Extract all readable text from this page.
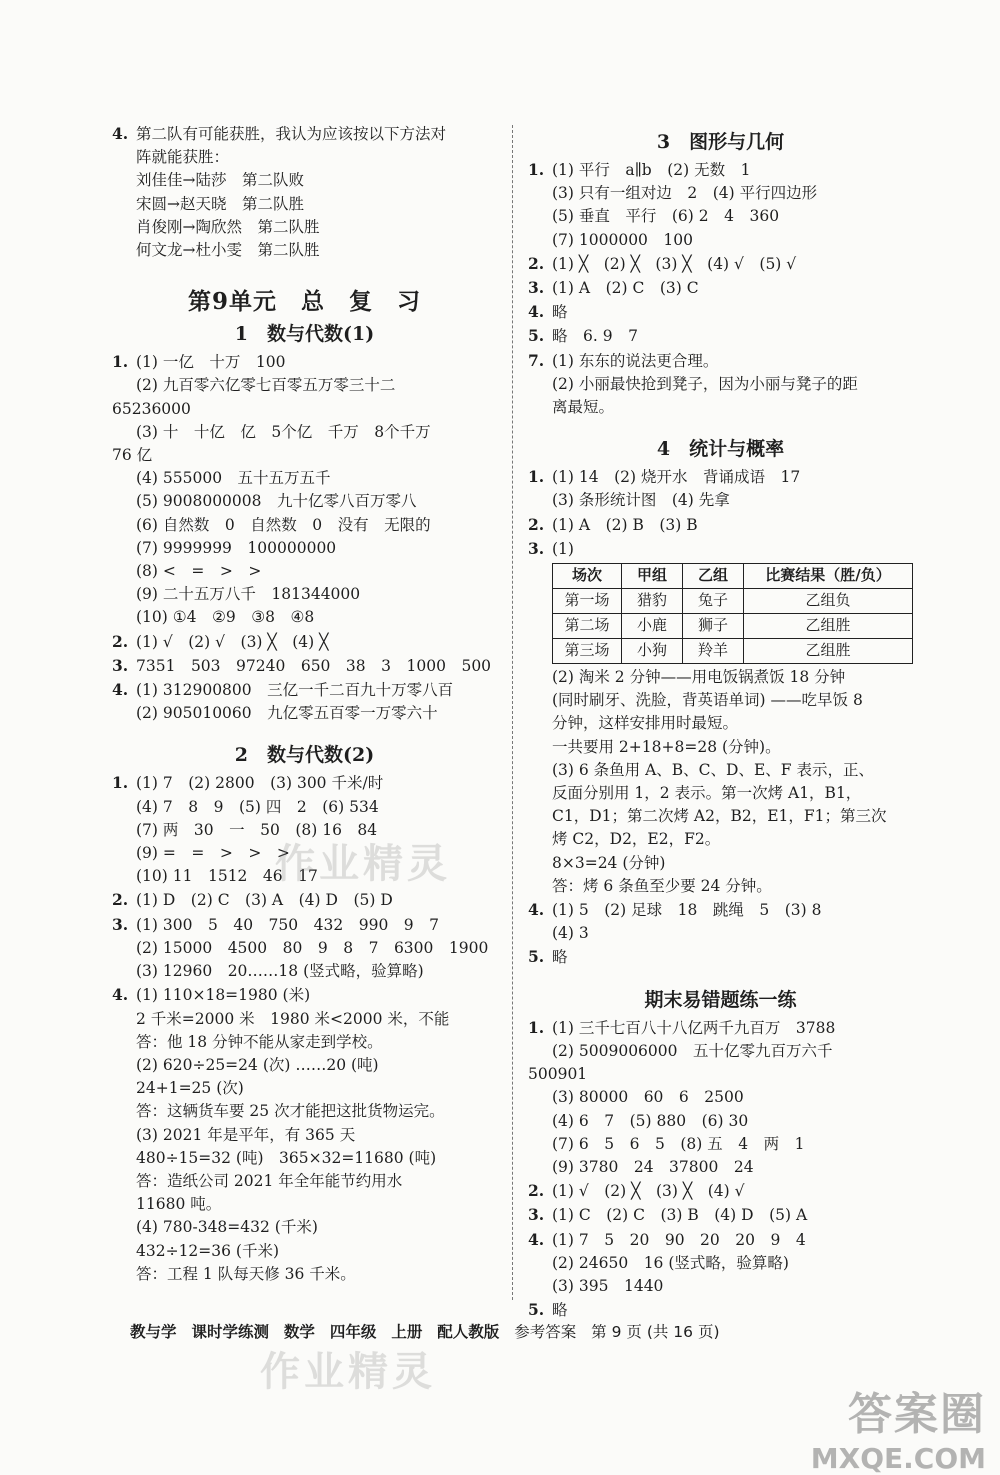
4. 第二队有可能获胜，我认为应该按以下方法对
阵就能获胜：
刘佳佳→陆莎　第二队败
宋圆→赵天晓　第二队胜
肖俊刚→陶欣然　第二队胜
何文龙→杜小雯　第二队胜
第9单元　总　复　习
1　数与代数(1)
1. (1) 一亿　十万　100
(2) 九百零六亿零七百零五万零三十二
65236000
(3) 十　十亿　亿　5个亿　千万　8个千万
76 亿
(4) 555000　五十五万五千
(5) 9008000008　九十亿零八百万零八
(6) 自然数　0　自然数　0　没有　无限的
(7) 9999999　100000000
(8) <　=　>　>
(9) 二十五万八千　181344000
(10) ①4　②9　③8　④8
2. (1) √　(2) √　(3) ╳　(4) ╳
3. 7351　503　97240　650　38　3　1000　500
4. (1) 312900800　三亿一千二百九十万零八百
(2) 905010060　九亿零五百零一万零六十
2　数与代数(2)
1. (1) 7　(2) 2800　(3) 300 千米/时
(4) 7　8　9　(5) 四　2　(6) 534
(7) 两　30　一　50　(8) 16　84
(9) =　=　>　>　>
(10) 11　1512　46　17
2. (1) D　(2) C　(3) A　(4) D　(5) D
3. (1) 300　5　40　750　432　990　9　7
(2) 15000　4500　80　9　8　7　6300　1900
(3) 12960　20……18 (竖式略，验算略)
4. (1) 110×18=1980 (米)
2 千米=2000 米　1980 米<2000 米，不能
答：他 18 分钟不能从家走到学校。
(2) 620÷25=24 (次) ……20 (吨)
24+1=25 (次)
答：这辆货车要 25 次才能把这批货物运完。
(3) 2021 年是平年，有 365 天
480÷15=32 (吨)　365×32=11680 (吨)
答：造纸公司 2021 年全年能节约用水
11680 吨。
(4) 780-348=432 (千米)
432÷12=36 (千米)
答：工程 1 队每天修 36 千米。
3　图形与几何
1. (1) 平行　a∥b　(2) 无数　1
(3) 只有一组对边　2　(4) 平行四边形
(5) 垂直　平行　(6) 2　4　360
(7) 1000000　100
2. (1) ╳　(2) ╳　(3) ╳　(4) √　(5) √
3. (1) A　(2) C　(3) C
4. 略
5. 略　6. 9　7
7. (1) 东东的说法更合理。
(2) 小丽最快抢到凳子，因为小丽与凳子的距
离最短。
4　统计与概率
1. (1) 14　(2) 烧开水　背诵成语　17
(3) 条形统计图　(4) 先拿
2. (1) A　(2) B　(3) B
3. (1)
场次	甲组	乙组	比赛结果（胜/负）
第一场	猎豹	兔子	乙组负
第二场	小鹿	狮子	乙组胜
第三场	小狗	羚羊	乙组胜
(2) 淘米 2 分钟——用电饭锅煮饭 18 分钟
(同时刷牙、洗脸，背英语单词) ——吃早饭 8
分钟，这样安排用时最短。
一共要用 2+18+8=28 (分钟)。
(3) 6 条鱼用 A、B、C、D、E、F 表示，正、
反面分别用 1，2 表示。第一次烤 A1，B1，
C1，D1；第二次烤 A2，B2，E1，F1；第三次
烤 C2，D2，E2，F2。
8×3=24 (分钟)
答：烤 6 条鱼至少要 24 分钟。
4. (1) 5　(2) 足球　18　跳绳　5　(3) 8
(4) 3
5. 略
期末易错题练一练
1. (1) 三千七百八十八亿两千九百万　3788
(2) 5009006000　五十亿零九百万六千
500901
(3) 80000　60　6　2500
(4) 6　7　(5) 880　(6) 30
(7) 6　5　6　5　(8) 五　4　两　1
(9) 3780　24　37800　24
2. (1) √　(2) ╳　(3) ╳　(4) √
3. (1) C　(2) C　(3) B　(4) D　(5) A
4. (1) 7　5　20　90　20　20　9　4
(2) 24650　16 (竖式略，验算略)
(3) 395　1440
5. 略
教与学 课时学练测 数学 四年级 上册 配人教版 参考答案 第 9 页 (共 16 页)
作业精灵
作业精灵
答案圈
MXQE.COM
